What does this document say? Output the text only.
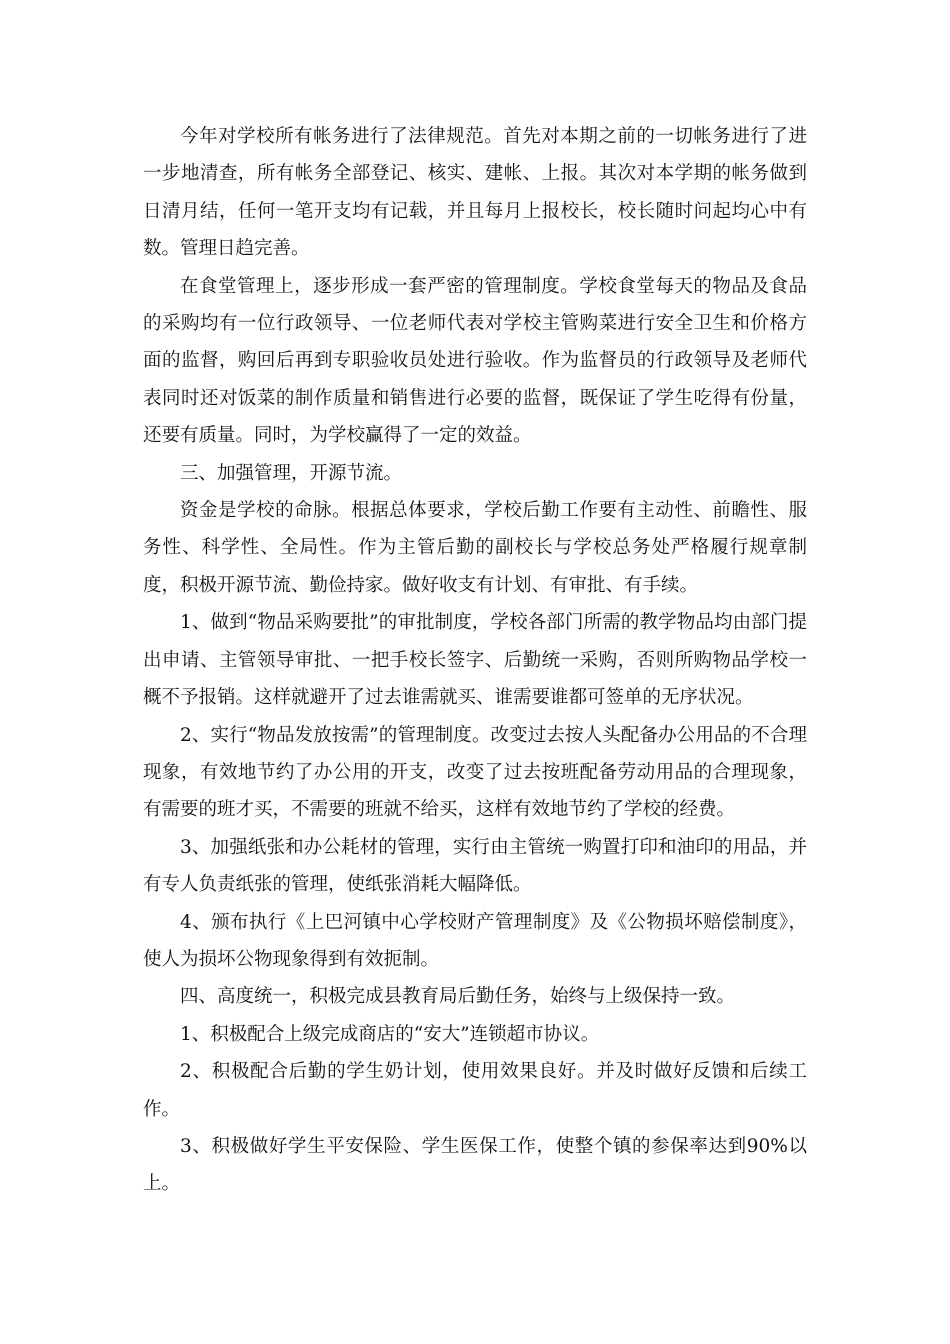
今年对学校所有帐务进行了法律规范。首先对本期之前的一切帐务进行了进一步地清查，所有帐务全部登记、核实、建帐、上报。其次对本学期的帐务做到日清月结，任何一笔开支均有记载，并且每月上报校长，校长随时问起均心中有数。管理日趋完善。

在食堂管理上，逐步形成一套严密的管理制度。学校食堂每天的物品及食品的采购均有一位行政领导、一位老师代表对学校主管购菜进行安全卫生和价格方面的监督，购回后再到专职验收员处进行验收。作为监督员的行政领导及老师代表同时还对饭菜的制作质量和销售进行必要的监督，既保证了学生吃得有份量，还要有质量。同时，为学校赢得了一定的效益。

三、加强管理，开源节流。

资金是学校的命脉。根据总体要求，学校后勤工作要有主动性、前瞻性、服务性、科学性、全局性。作为主管后勤的副校长与学校总务处严格履行规章制度，积极开源节流、勤俭持家。做好收支有计划、有审批、有手续。

1、做到“物品采购要批”的审批制度，学校各部门所需的教学物品均由部门提出申请、主管领导审批、一把手校长签字、后勤统一采购，否则所购物品学校一概不予报销。这样就避开了过去谁需就买、谁需要谁都可签单的无序状况。

2、实行“物品发放按需”的管理制度。改变过去按人头配备办公用品的不合理现象，有效地节约了办公用的开支，改变了过去按班配备劳动用品的合理现象，有需要的班才买，不需要的班就不给买，这样有效地节约了学校的经费。

3、加强纸张和办公耗材的管理，实行由主管统一购置打印和油印的用品，并有专人负责纸张的管理，使纸张消耗大幅降低。

4、颁布执行《上巴河镇中心学校财产管理制度》及《公物损坏赔偿制度》，使人为损坏公物现象得到有效扼制。

四、高度统一，积极完成县教育局后勤任务，始终与上级保持一致。

1、积极配合上级完成商店的“安大”连锁超市协议。

2、积极配合后勤的学生奶计划，使用效果良好。并及时做好反馈和后续工作。

3、积极做好学生平安保险、学生医保工作，使整个镇的参保率达到90%以上。
